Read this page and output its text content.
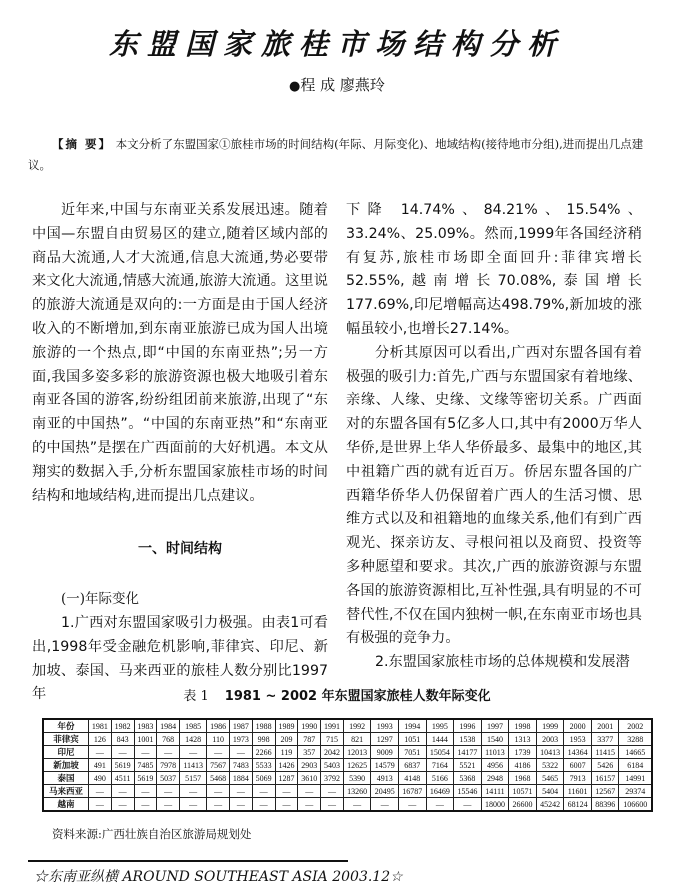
东盟国家旅桂市场结构分析
●程 成 廖燕玲
【摘 要】 本文分析了东盟国家①旅桂市场的时间结构(年际、月际变化)、地域结构(接待地市分组),进而提出几点建议。

近年来,中国与东南亚关系发展迅速。随着中国—东盟自由贸易区的建立,随着区域内部的商品大流通,人才大流通,信息大流通,势必要带来文化大流通,情感大流通,旅游大流通。这里说的旅游大流通是双向的:一方面是由于国人经济收入的不断增加,到东南亚旅游已成为国人出境旅游的一个热点,即“中国的东南亚热”;另一方面,我国多姿多彩的旅游资源也极大地吸引着东南亚各国的游客,纷纷组团前来旅游,出现了“东南亚的中国热”。“中国的东南亚热”和“东南亚的中国热”是摆在广西面前的大好机遇。本文从翔实的数据入手,分析东盟国家旅桂市场的时间结构和地域结构,进而提出几点建议。

一、时间结构

(一)年际变化

1.广西对东盟国家吸引力极强。由表1可看出,1998年受金融危机影响,菲律宾、印尼、新加坡、泰国、马来西亚的旅桂人数分别比1997年

下降 14.74%、84.21%、15.54%、33.24%、25.09%。然而,1999年各国经济稍有复苏,旅桂市场即全面回升:菲律宾增长52.55%,越南增长70.08%,泰国增长177.69%,印尼增幅高达498.79%,新加坡的涨幅虽较小,也增长27.14%。

分析其原因可以看出,广西对东盟各国有着极强的吸引力:首先,广西与东盟国家有着地缘、亲缘、人缘、史缘、文缘等密切关系。广西面对的东盟各国有5亿多人口,其中有2000万华人华侨,是世界上华人华侨最多、最集中的地区,其中祖籍广西的就有近百万。侨居东盟各国的广西籍华侨华人仍保留着广西人的生活习惯、思维方式以及和祖籍地的血缘关系,他们有到广西观光、探亲访友、寻根问祖以及商贸、投资等多种愿望和要求。其次,广西的旅游资源与东盟各国的旅游资源相比,互补性强,具有明显的不可替代性,不仅在国内独树一帜,在东南亚市场也具有极强的竞争力。

2.东盟国家旅桂市场的总体规模和发展潜

表 1 1981 ~ 2002 年东盟国家旅桂人数年际变化
年份	1981	1982	1983	1984	1985	1986	1987	1988	1989	1990	1991	1992	1993	1994	1995	1996	1997	1998	1999	2000	2001	2002
菲律宾	126	843	1001	768	1428	110	1973	998	209	787	715	821	1297	1051	1444	1538	1540	1313	2003	1953	3377	3288
印尼	—	—	—	—	—	—	—	2266	119	357	2042	12013	9009	7051	15054	14177	11013	1739	10413	14364	11415	14665
新加坡	491	5619	7485	7978	11413	7567	7483	5533	1426	2903	5403	12625	14579	6837	7164	5521	4956	4186	5322	6007	5426	6184
泰国	490	4511	5619	5037	5157	5468	1884	5069	1287	3610	3792	5390	4913	4148	5166	5368	2948	1968	5465	7913	16157	14991
马来西亚	—	—	—	—	—	—	—	—	—	—	—	13260	20495	16787	16469	15546	14111	10571	5404	11601	12567	29374
越南	—	—	—	—	—	—	—	—	—	—	—	—	—	—	—	—	18000	26600	45242	68124	88396	106600
资料来源:广西壮族自治区旅游局规划处
☆东南亚纵横 AROUND SOUTHEAST ASIA 2003.12☆
